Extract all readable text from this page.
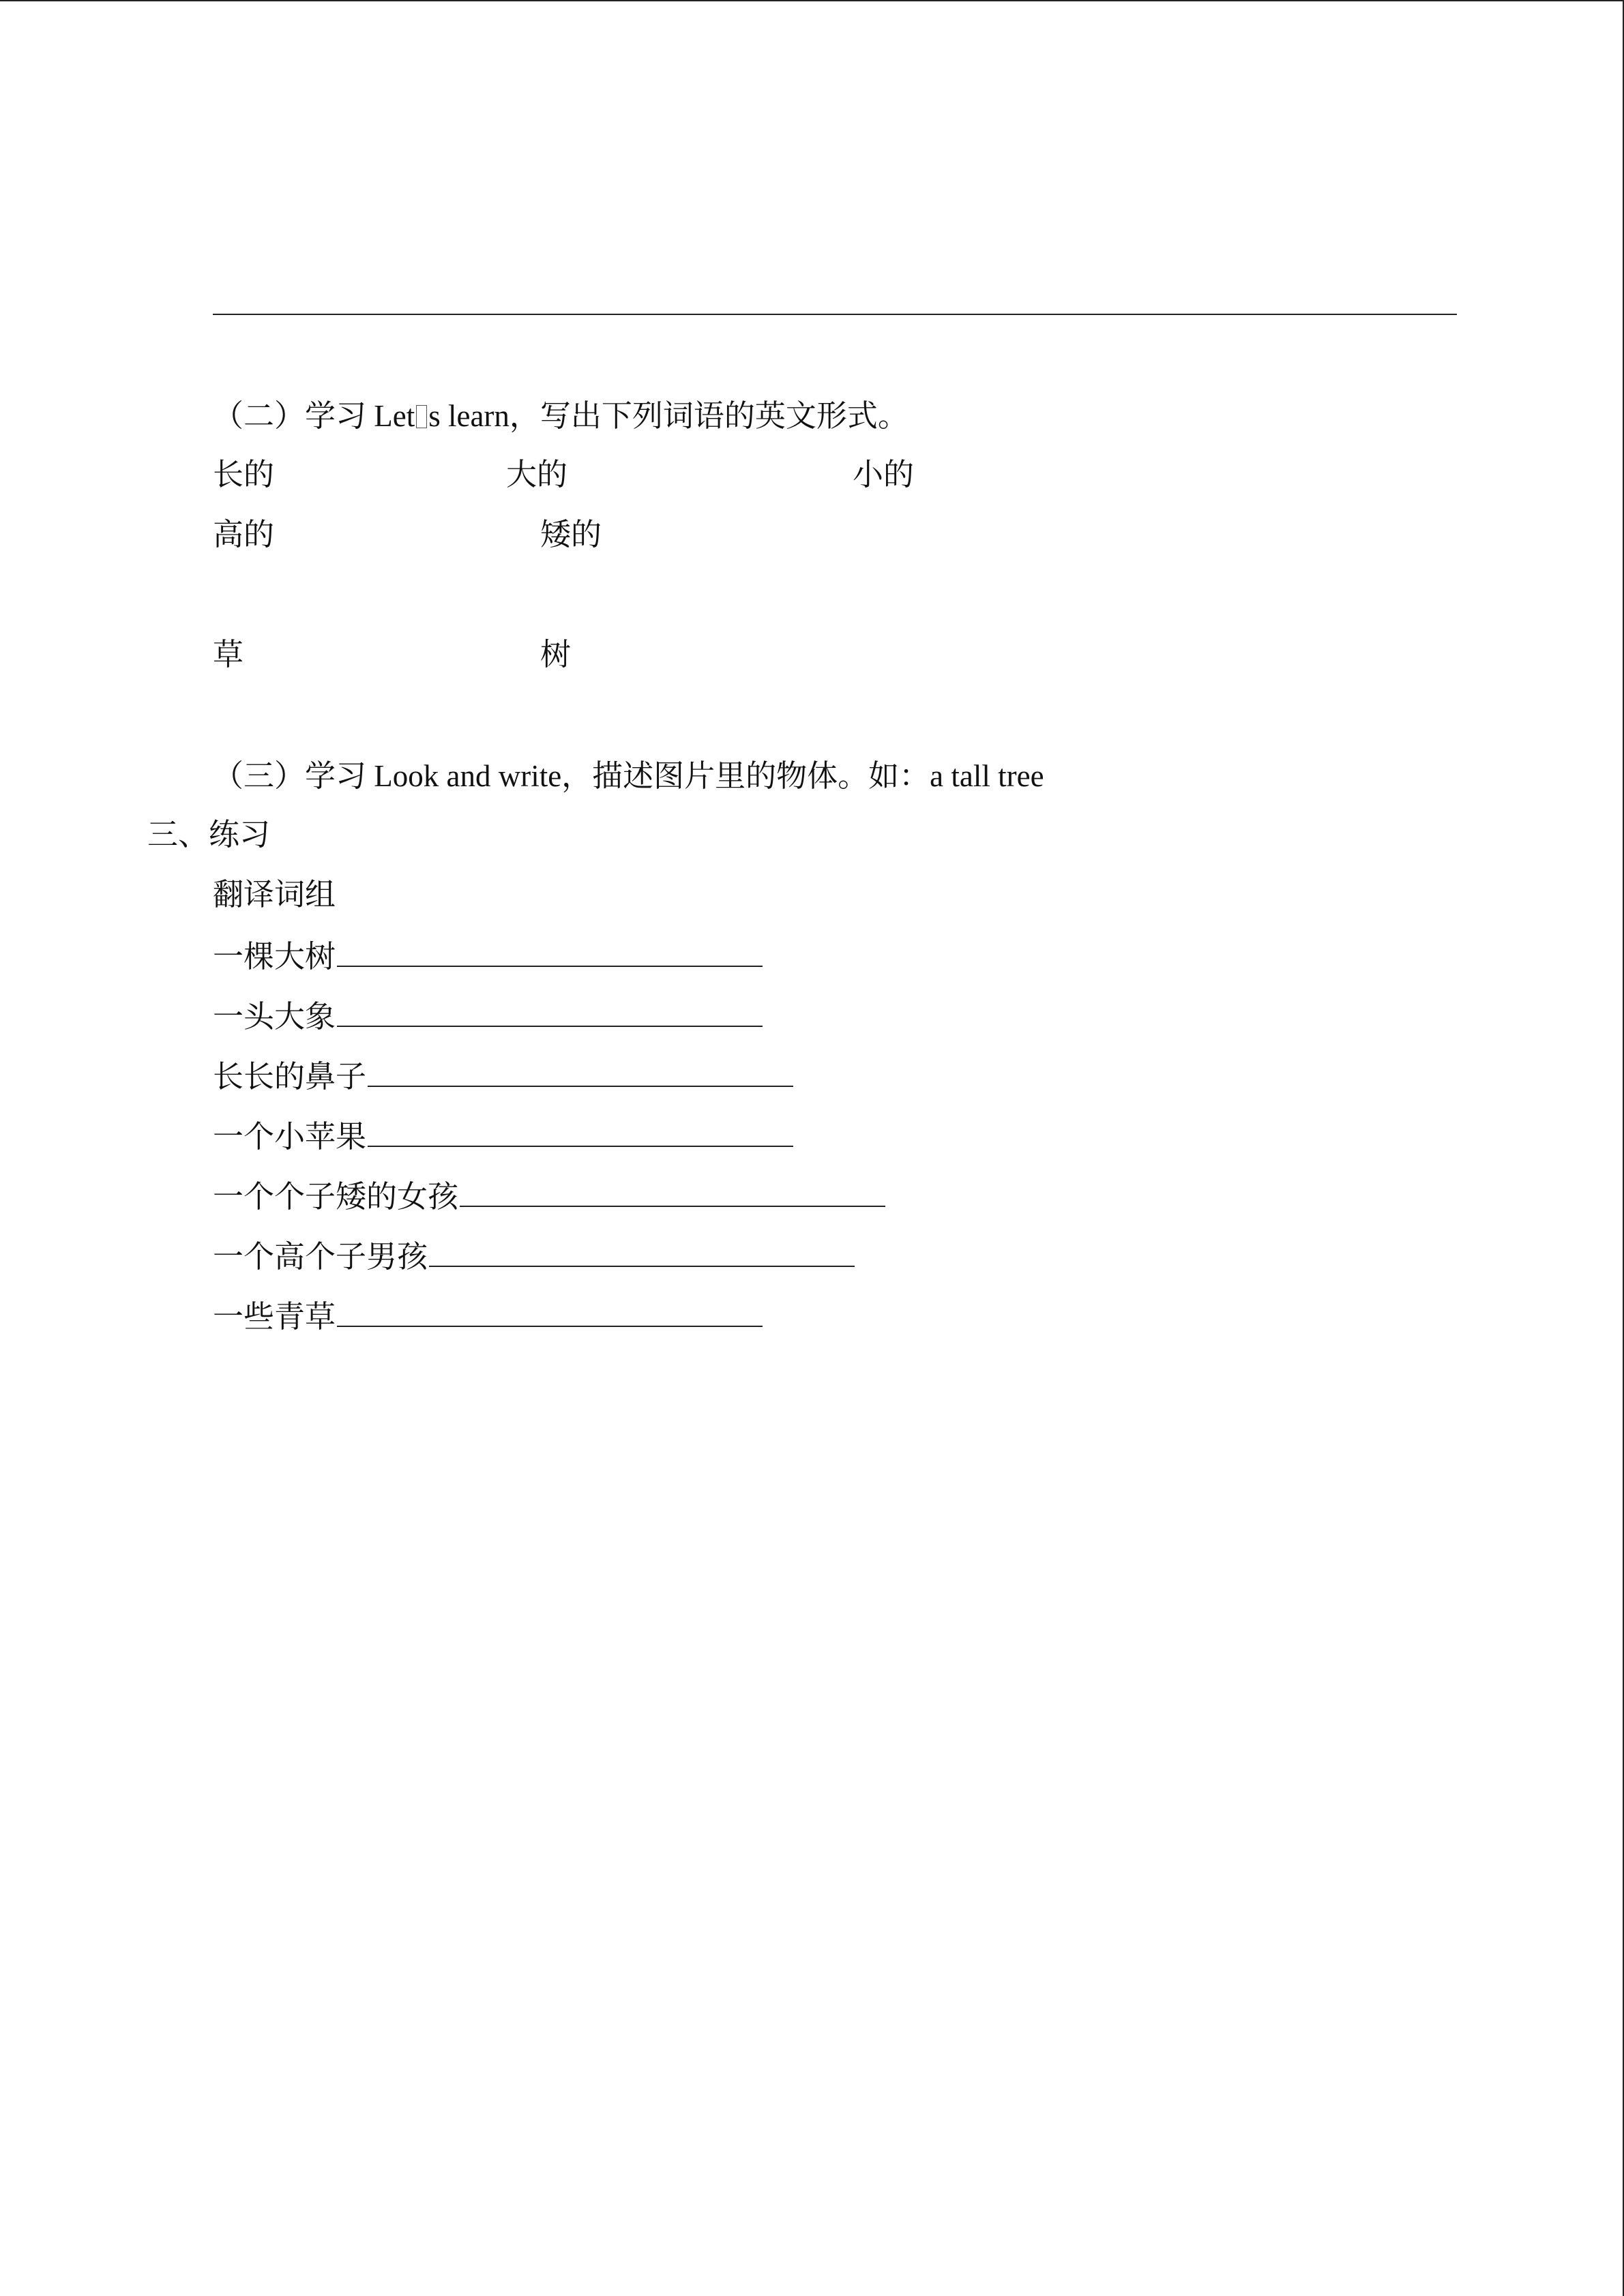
（二）学习 Let s learn，写出下列词语的英文形式。
长的	大的	小的
高的	矮的
草	树
（三）学习 Look and write，描述图片里的物体。如：a tall tree
三、练习
翻译词组
一棵大树
一头大象
长长的鼻子
一个小苹果
一个个子矮的女孩
一个高个子男孩
一些青草
